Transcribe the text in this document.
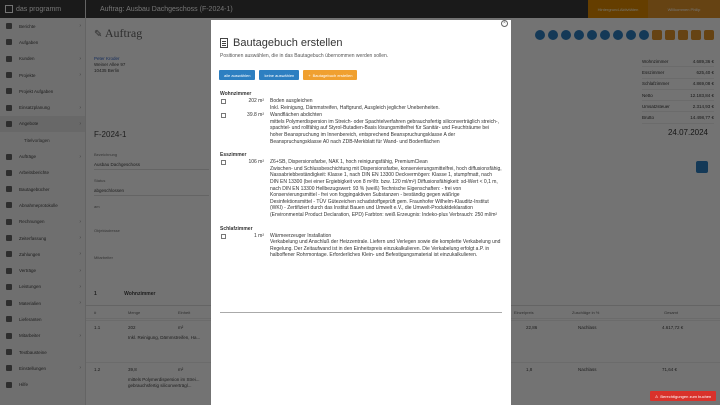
×
Bautagebuch erstellen
Positionen auswählen, die in das Bautagebuch übernommen werden sollen.
alle auswählen	keine auswählen	+ Bautagebuch erstellen
Wohnzimmer
202 m² Boden ausgleichen
Inkl. Reinigung, Dämmstreifen, Haftgrund, Ausgleich jeglicher Unebenheiten.
39.8 m² Wandflächen abdichten
mittels Polymerdispersion im Streich- oder Spachtelverfahren gebrauchsfertig siliconverträglich streich-, spachtel- und rollfähig auf Styrol-Butadien-Basis lösungsmittelfrei für Sanitär- und Feuchträume bei hoher Beanspruchung im Innenbereich, entsprechend Beanspruchungsklasse A der Beanspruchungsklasse A0 nach ZDB-Merkblatt für Wand- und Bodenflächen
Esszimmer
106 m² Z6+SB, Dispersionsfarbe, NAK 1, hoch reinigungsfähig, PremiumClean
Zwischen- und Schlussbeschichtung mit Dispersionsfarbe, konservierungsmittelfrei, hoch diffusionsfähig, Nassabriebbeständigkeit: Klasse 1, nach DIN EN 13300 Deckvermögen: Klasse 1, stumpfmatt, nach DIN EN 13300 (bei einer Ergiebigkeit von 8 m²/ltr. bzw. 120 ml/m²) Diffusionsfähigkeit: sd-Wert < 0,1 m, nach DIN EN 13300 Hellbezugswert: 93 % (weiß) Technische Eigenschaften: - frei von Konservierungsmittel - frei von foggingaktiven Substanzen - beständig gegen wäßrige Desinfektionsmittel - TÜV Gütezeichen schadstoffgeprüft gem. Fraunhofer Wilhelm-Klauditz-Institut (WKI) - Zertifiziert durch das Institut Bauen und Umwelt e.V., die Umwelt-Produktdeklaration (Environmental Product Declaration, EPD) Farbton: weiß Erzeugnis: Indeko-plus Verbrauch: 250 ml/m²
Schlafzimmer
1 m² Wärmeerzeuger Installation
Verkabelung und Anschluß der Heizzentrale. Liefern und Verlegen sowie die komplette Verkabelung und Regelung. Der Zeitaufwand ist in den Einheitspreis einzukalkulieren. Die Verkabelung erfolgt a.P. in halboffener Rohrmontage. Erforderliches Klein- und Befestigungsmaterial ist einzukalkulieren.
⚠ Berechtigungen zum buchen
